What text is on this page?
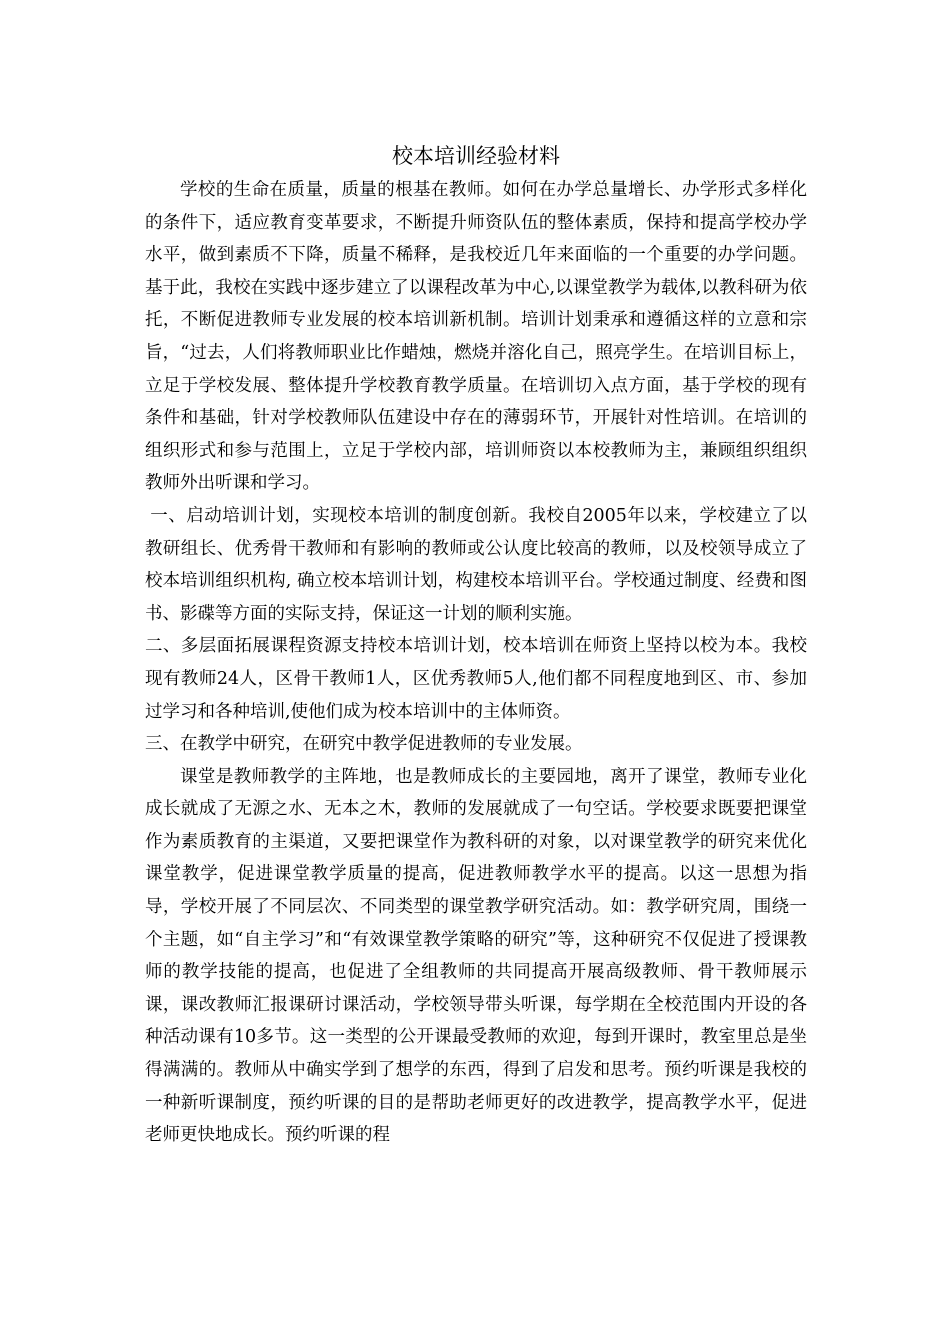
校本培训经验材料

学校的生命在质量，质量的根基在教师。如何在办学总量增长、办学形式多样化的条件下，适应教育变革要求，不断提升师资队伍的整体素质，保持和提高学校办学水平，做到素质不下降，质量不稀释，是我校近几年来面临的一个重要的办学问题。基于此，我校在实践中逐步建立了以课程改革为中心,以课堂教学为载体,以教科研为依托，不断促进教师专业发展的校本培训新机制。培训计划秉承和遵循这样的立意和宗旨，“过去，人们将教师职业比作蜡烛，燃烧并溶化自己，照亮学生。在培训目标上，立足于学校发展、整体提升学校教育教学质量。在培训切入点方面，基于学校的现有条件和基础，针对学校教师队伍建设中存在的薄弱环节，开展针对性培训。在培训的组织形式和参与范围上，立足于学校内部，培训师资以本校教师为主，兼顾组织组织教师外出听课和学习。

一、启动培训计划，实现校本培训的制度创新。我校自2005年以来，学校建立了以教研组长、优秀骨干教师和有影响的教师或公认度比较高的教师，以及校领导成立了校本培训组织机构, 确立校本培训计划，构建校本培训平台。学校通过制度、经费和图书、影碟等方面的实际支持，保证这一计划的顺利实施。

二、多层面拓展课程资源支持校本培训计划，校本培训在师资上坚持以校为本。我校现有教师24人，区骨干教师1人，区优秀教师5人,他们都不同程度地到区、市、参加过学习和各种培训,使他们成为校本培训中的主体师资。

三、在教学中研究，在研究中教学促进教师的专业发展。

课堂是教师教学的主阵地，也是教师成长的主要园地，离开了课堂，教师专业化成长就成了无源之水、无本之木，教师的发展就成了一句空话。学校要求既要把课堂作为素质教育的主渠道，又要把课堂作为教科研的对象，以对课堂教学的研究来优化课堂教学，促进课堂教学质量的提高，促进教师教学水平的提高。以这一思想为指导，学校开展了不同层次、不同类型的课堂教学研究活动。如：教学研究周，围绕一个主题，如“自主学习”和“有效课堂教学策略的研究”等，这种研究不仅促进了授课教师的教学技能的提高，也促进了全组教师的共同提高开展高级教师、骨干教师展示课，课改教师汇报课研讨课活动，学校领导带头听课，每学期在全校范围内开设的各种活动课有10多节。这一类型的公开课最受教师的欢迎，每到开课时，教室里总是坐得满满的。教师从中确实学到了想学的东西，得到了启发和思考。预约听课是我校的一种新听课制度，预约听课的目的是帮助老师更好的改进教学，提高教学水平，促进老师更快地成长。预约听课的程
